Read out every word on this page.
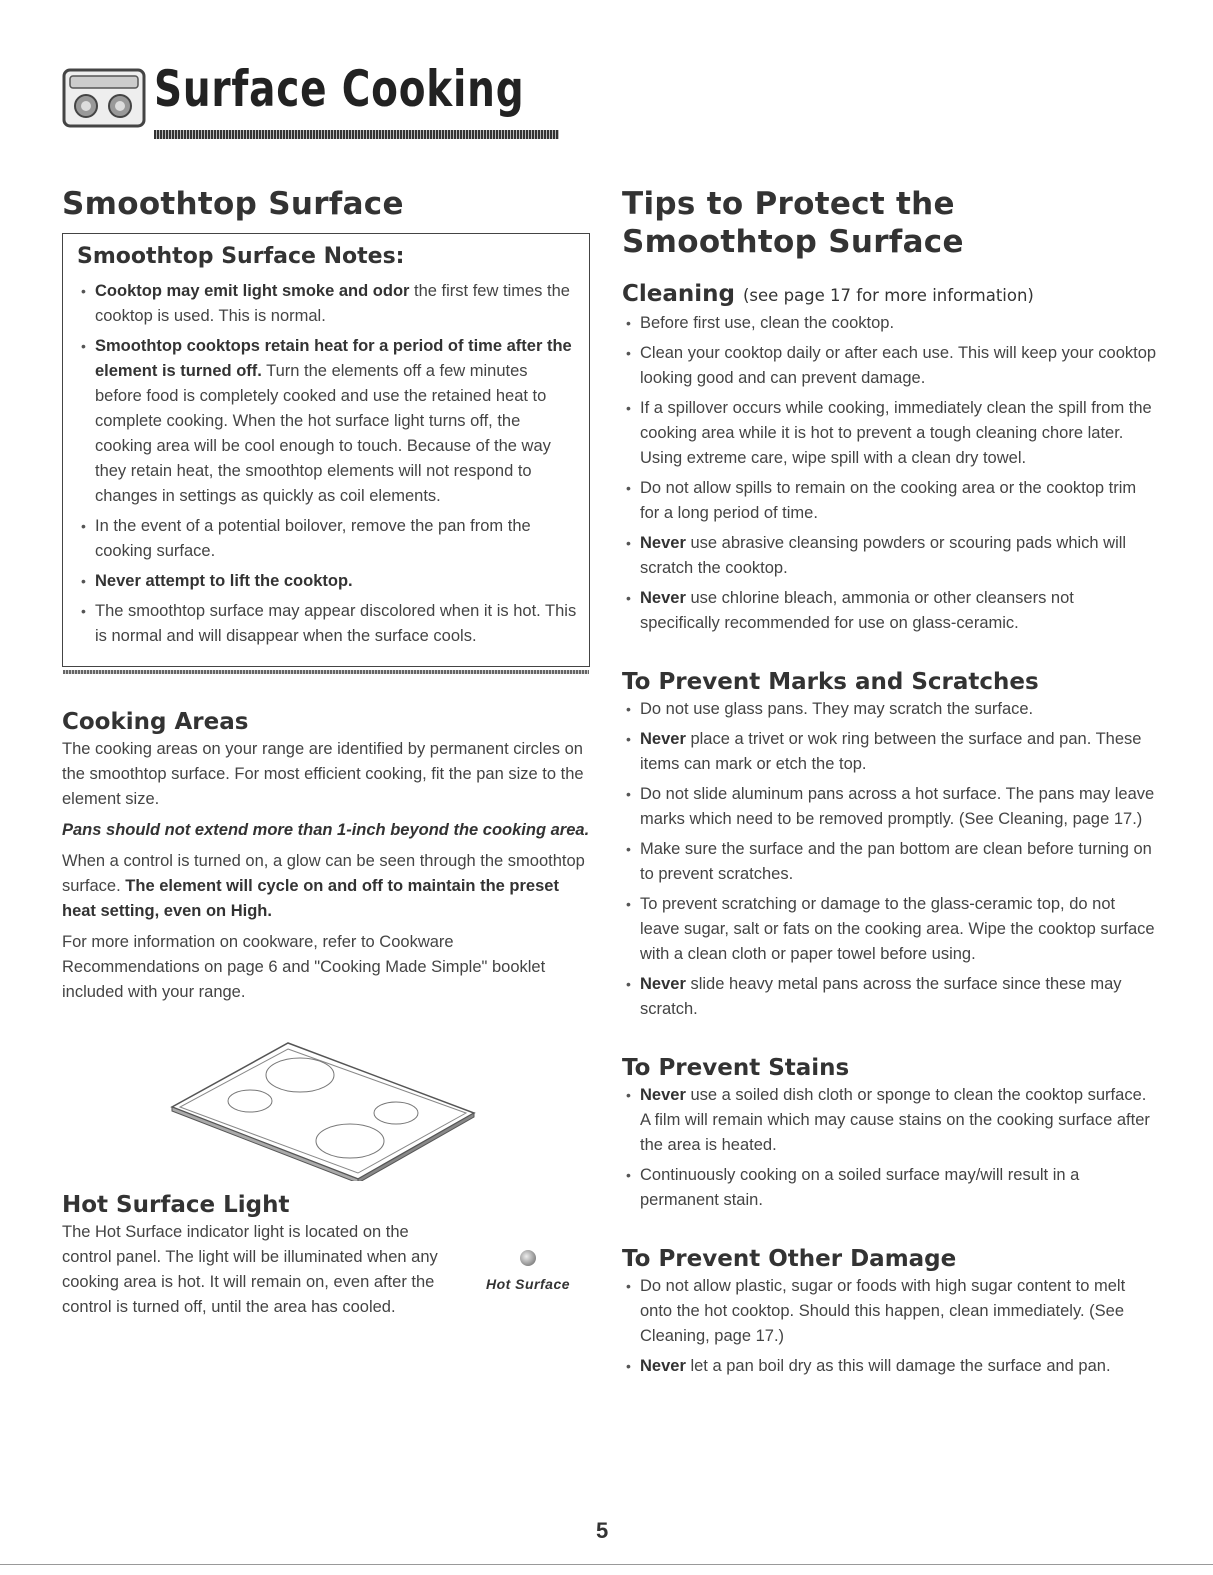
Surface Cooking
Smoothtop Surface
Smoothtop Surface Notes:
• Cooktop may emit light smoke and odor the first few times the cooktop is used. This is normal.
• Smoothtop cooktops retain heat for a period of time after the element is turned off. Turn the elements off a few minutes before food is completely cooked and use the retained heat to complete cooking. When the hot surface light turns off, the cooking area will be cool enough to touch. Because of the way they retain heat, the smoothtop elements will not respond to changes in settings as quickly as coil elements.
• In the event of a potential boilover, remove the pan from the cooking surface.
• Never attempt to lift the cooktop.
• The smoothtop surface may appear discolored when it is hot. This is normal and will disappear when the surface cools.
Cooking Areas

The cooking areas on your range are identified by permanent circles on the smoothtop surface. For most efficient cooking, fit the pan size to the element size.

Pans should not extend more than 1-inch beyond the cooking area.

When a control is turned on, a glow can be seen through the smoothtop surface. The element will cycle on and off to maintain the preset heat setting, even on High.

For more information on cookware, refer to Cookware Recommendations on page 6 and "Cooking Made Simple" booklet included with your range.

Hot Surface Light

The Hot Surface indicator light is located on the control panel. The light will be illuminated when any cooking area is hot. It will remain on, even after the control is turned off, until the area has cooled.

Hot Surface
Tips to Protect the Smoothtop Surface
Cleaning (see page 17 for more information)
• Before first use, clean the cooktop.
• Clean your cooktop daily or after each use. This will keep your cooktop looking good and can prevent damage.
• If a spillover occurs while cooking, immediately clean the spill from the cooking area while it is hot to prevent a tough cleaning chore later. Using extreme care, wipe spill with a clean dry towel.
• Do not allow spills to remain on the cooking area or the cooktop trim for a long period of time.
• Never use abrasive cleansing powders or scouring pads which will scratch the cooktop.
• Never use chlorine bleach, ammonia or other cleansers not specifically recommended for use on glass-ceramic.
To Prevent Marks and Scratches
• Do not use glass pans. They may scratch the surface.
• Never place a trivet or wok ring between the surface and pan. These items can mark or etch the top.
• Do not slide aluminum pans across a hot surface. The pans may leave marks which need to be removed promptly. (See Cleaning, page 17.)
• Make sure the surface and the pan bottom are clean before turning on to prevent scratches.
• To prevent scratching or damage to the glass-ceramic top, do not leave sugar, salt or fats on the cooking area. Wipe the cooktop surface with a clean cloth or paper towel before using.
• Never slide heavy metal pans across the surface since these may scratch.
To Prevent Stains
• Never use a soiled dish cloth or sponge to clean the cooktop surface. A film will remain which may cause stains on the cooking surface after the area is heated.
• Continuously cooking on a soiled surface may/will result in a permanent stain.
To Prevent Other Damage
• Do not allow plastic, sugar or foods with high sugar content to melt onto the hot cooktop. Should this happen, clean immediately. (See Cleaning, page 17.)
• Never let a pan boil dry as this will damage the surface and pan.
5
